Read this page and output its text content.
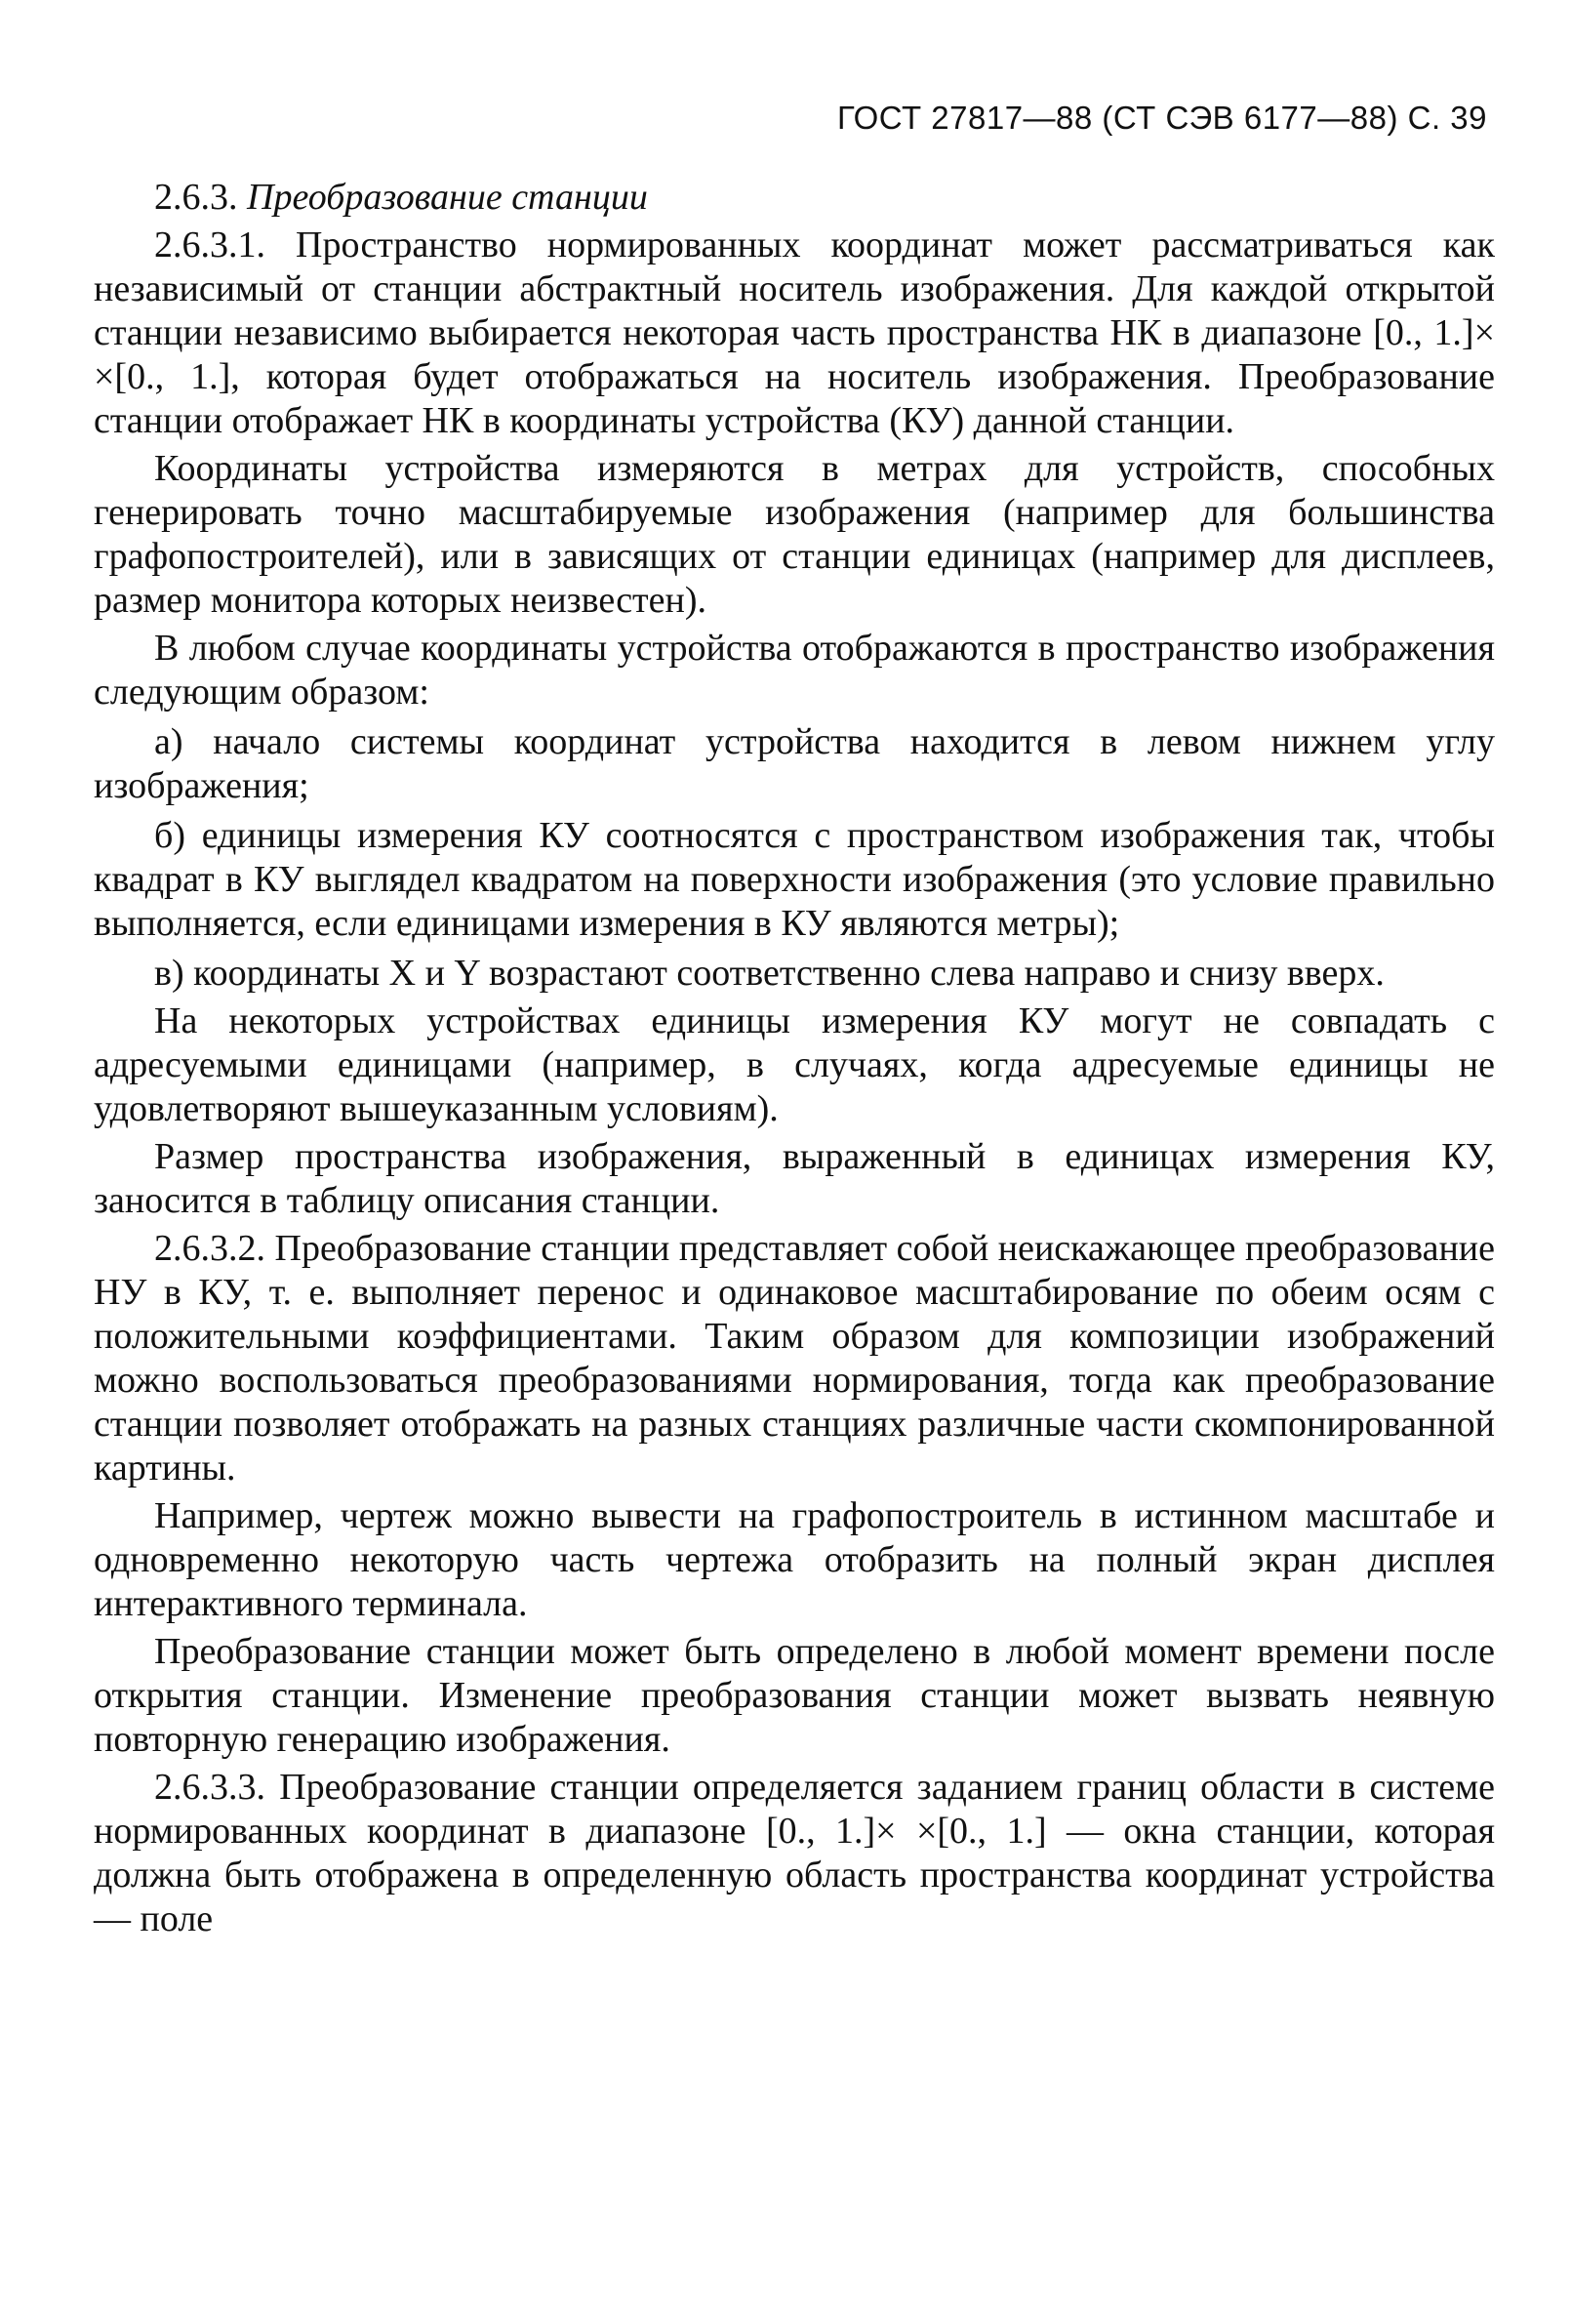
ГОСТ 27817—88 (СТ СЭВ 6177—88) С. 39

2.6.3. Преобразование станции

2.6.3.1. Пространство нормированных координат может рассматриваться как независимый от станции абстрактный носитель изображения. Для каждой открытой станции независимо выбирается некоторая часть пространства НК в диапазоне [0., 1.]× ×[0., 1.], которая будет отображаться на носитель изображения. Преобразование станции отображает НК в координаты устройства (КУ) данной станции.

Координаты устройства измеряются в метрах для устройств, способных генерировать точно масштабируемые изображения (например для большинства графопостроителей), или в зависящих от станции единицах (например для дисплеев, размер монитора которых неизвестен).

В любом случае координаты устройства отображаются в пространство изображения следующим образом:

а) начало системы координат устройства находится в левом нижнем углу изображения;

б) единицы измерения КУ соотносятся с пространством изображения так, чтобы квадрат в КУ выглядел квадратом на поверхности изображения (это условие правильно выполняется, если единицами измерения в КУ являются метры);

в) координаты X и Y возрастают соответственно слева направо и снизу вверх.

На некоторых устройствах единицы измерения КУ могут не совпадать с адресуемыми единицами (например, в случаях, когда адресуемые единицы не удовлетворяют вышеуказанным условиям).

Размер пространства изображения, выраженный в единицах измерения КУ, заносится в таблицу описания станции.

2.6.3.2. Преобразование станции представляет собой неискажающее преобразование НУ в КУ, т. е. выполняет перенос и одинаковое масштабирование по обеим осям с положительными коэффициентами. Таким образом для композиции изображений можно воспользоваться преобразованиями нормирования, тогда как преобразование станции позволяет отображать на разных станциях различные части скомпонированной картины.

Например, чертеж можно вывести на графопостроитель в истинном масштабе и одновременно некоторую часть чертежа отобразить на полный экран дисплея интерактивного терминала.

Преобразование станции может быть определено в любой момент времени после открытия станции. Изменение преобразования станции может вызвать неявную повторную генерацию изображения.

2.6.3.3. Преобразование станции определяется заданием границ области в системе нормированных координат в диапазоне [0., 1.]× ×[0., 1.] — окна станции, которая должна быть отображена в определенную область пространства координат устройства — поле
